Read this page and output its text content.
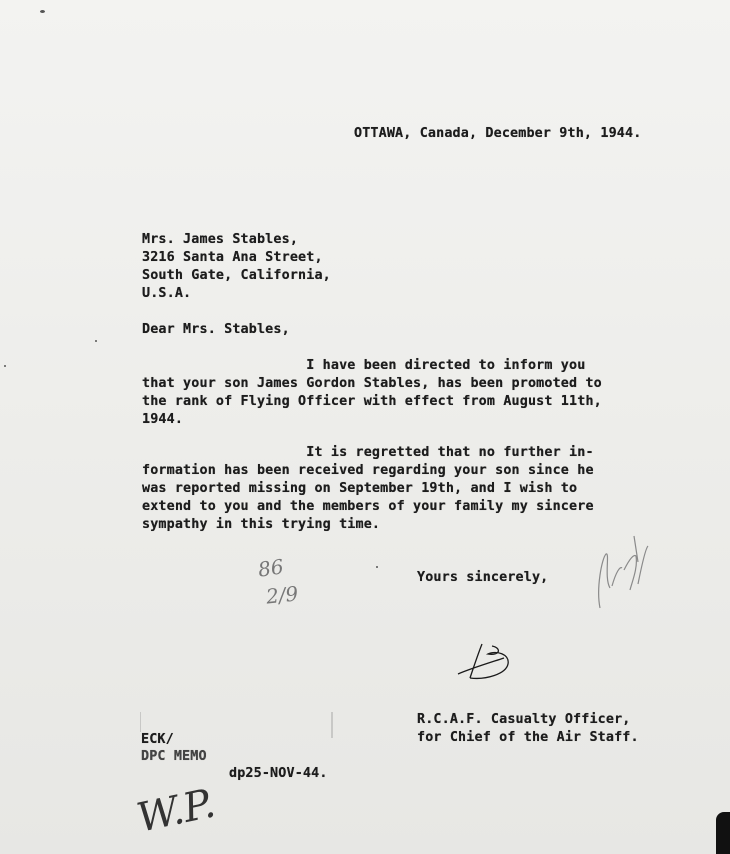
OTTAWA, Canada, December 9th, 1944.
Mrs. James Stables,
3216 Santa Ana Street,
South Gate, California,
U.S.A.
Dear Mrs. Stables,
I have been directed to inform you
that your son James Gordon Stables, has been promoted to
the rank of Flying Officer with effect from August 11th,
1944.
It is regretted that no further in-
formation has been received regarding your son since he
was reported missing on September 19th, and I wish to
extend to you and the members of your family my sincere
sympathy in this trying time.
Yours sincerely,
R.C.A.F. Casualty Officer,
for Chief of the Air Staff.
ECK/
DPC MEMO
dp25-NOV-44.
86
2/9
W.P.
